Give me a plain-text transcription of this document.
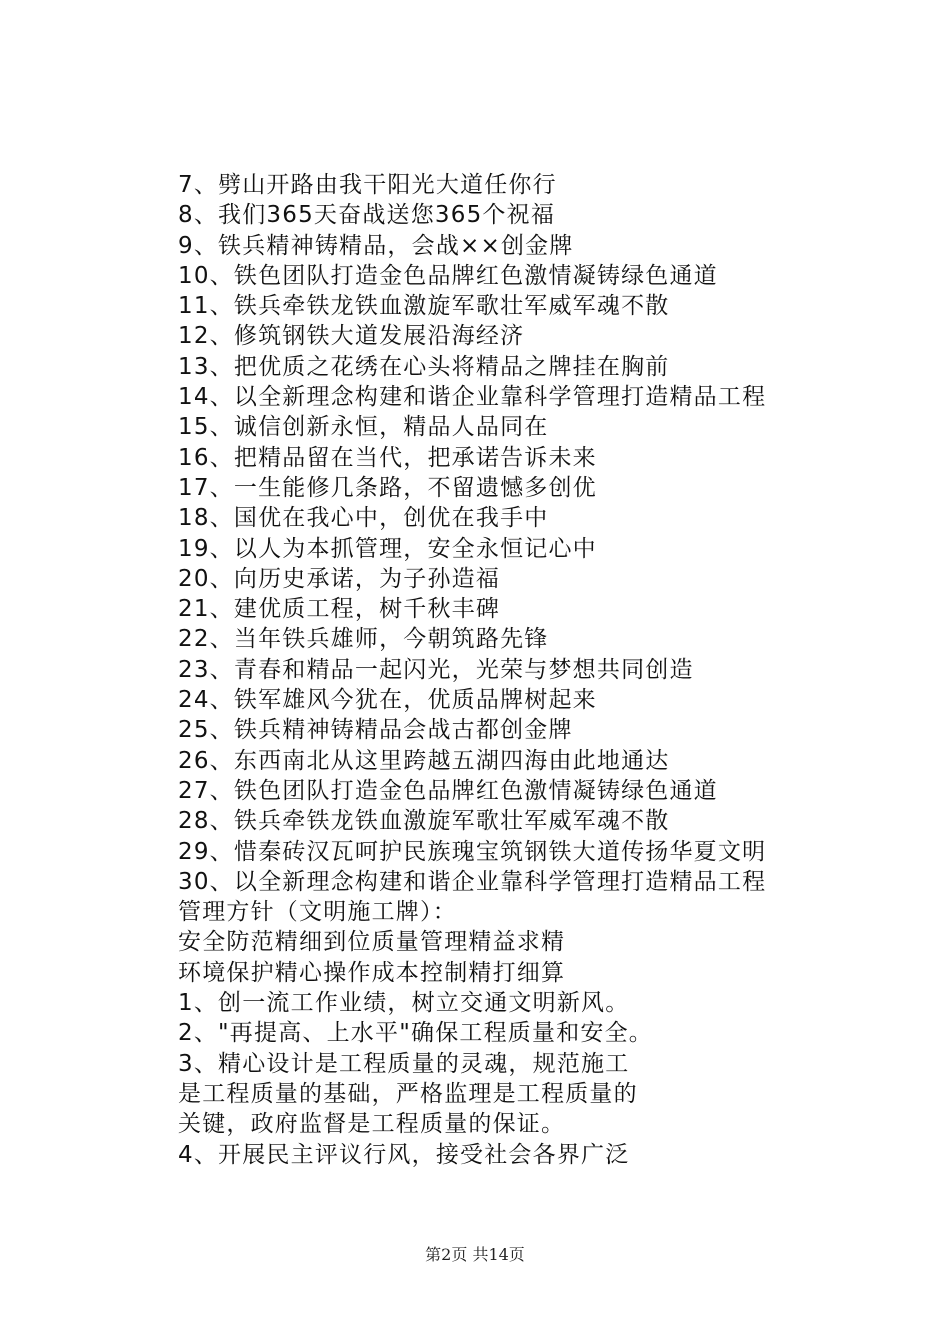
7、劈山开路由我干阳光大道任你行
8、我们365天奋战送您365个祝福
9、铁兵精神铸精品，会战××创金牌
10、铁色团队打造金色品牌红色激情凝铸绿色通道
11、铁兵牵铁龙铁血激旋军歌壮军威军魂不散
12、修筑钢铁大道发展沿海经济
13、把优质之花绣在心头将精品之牌挂在胸前
14、以全新理念构建和谐企业靠科学管理打造精品工程
15、诚信创新永恒，精品人品同在
16、把精品留在当代，把承诺告诉未来
17、一生能修几条路，不留遗憾多创优
18、国优在我心中，创优在我手中
19、以人为本抓管理，安全永恒记心中
20、向历史承诺，为子孙造福
21、建优质工程，树千秋丰碑
22、当年铁兵雄师，今朝筑路先锋
23、青春和精品一起闪光，光荣与梦想共同创造
24、铁军雄风今犹在，优质品牌树起来
25、铁兵精神铸精品会战古都创金牌
26、东西南北从这里跨越五湖四海由此地通达
27、铁色团队打造金色品牌红色激情凝铸绿色通道
28、铁兵牵铁龙铁血激旋军歌壮军威军魂不散
29、惜秦砖汉瓦呵护民族瑰宝筑钢铁大道传扬华夏文明
30、以全新理念构建和谐企业靠科学管理打造精品工程
管理方针（文明施工牌）：
安全防范精细到位质量管理精益求精
环境保护精心操作成本控制精打细算
1、创一流工作业绩，树立交通文明新风。
2、"再提高、上水平"确保工程质量和安全。
3、精心设计是工程质量的灵魂，规范施工
是工程质量的基础，严格监理是工程质量的
关键，政府监督是工程质量的保证。
4、开展民主评议行风，接受社会各界广泛
第2页 共14页
